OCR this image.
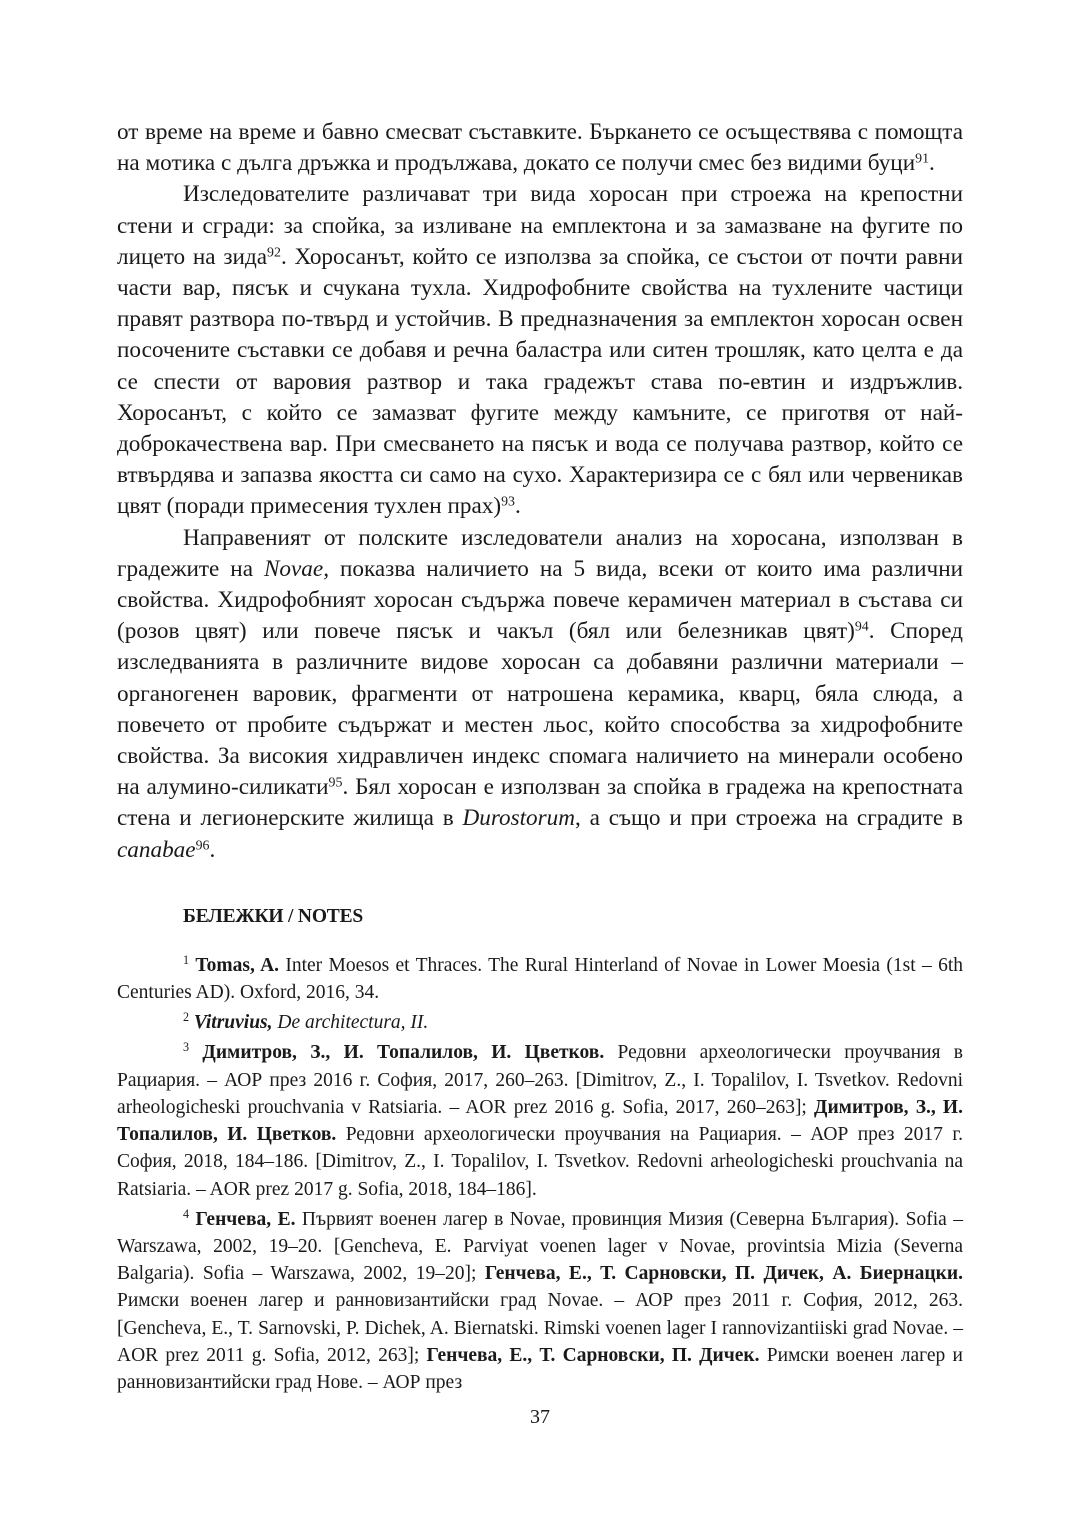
от време на време и бавно смесват съставките. Бъркането се осъществява с помощта на мотика с дълга дръжка и продължава, докато се получи смес без видими буци$^{91}$.

Изследователите различават три вида хоросан при строежа на крепостни стени и сгради: за спойка, за изливане на емплектона и за замазване на фугите по лицето на зида$^{92}$. Хоросанът, който се използва за спойка, се състои от почти равни части вар, пясък и счукана тухла. Хидрофобните свойства на тухлените частици правят разтвора по-твърд и устойчив. В предназначения за емплектон хоросан освен посочените съставки се добавя и речна баластра или ситен трошляк, като целта е да се спести от варовия разтвор и така градежът става по-евтин и издръжлив. Хоросанът, с който се замазват фугите между камъните, се приготвя от най-доброкачествена вар. При смесването на пясък и вода се получава разтвор, който се втвърдява и запазва якостта си само на сухо. Характеризира се с бял или червеникав цвят (поради примесения тухлен прах)$^{93}$.

Направеният от полските изследователи анализ на хоросана, използван в градежите на Novae, показва наличието на 5 вида, всеки от които има различни свойства. Хидрофобният хоросан съдържа повече керамичен материал в състава си (розов цвят) или повече пясък и чакъл (бял или белезникав цвят)$^{94}$. Според изследванията в различните видове хоросан са добавяни различни материали – органогенен варовик, фрагменти от натрошена керамика, кварц, бяла слюда, а повечето от пробите съдържат и местен льос, който способства за хидрофобните свойства. За високия хидравличен индекс спомага наличието на минерали особено на алумино-силикати$^{95}$. Бял хоросан е използван за спойка в градежа на крепостната стена и легионерските жилища в Durostorum, а също и при строежа на сградите в canabae$^{96}$.

БЕЛЕЖКИ / NOTES

$^1$ Tomas, A. Inter Moesos et Thraces. The Rural Hinterland of Novae in Lower Moesia (1st – 6th Centuries AD). Oxford, 2016, 34.

$^2$ Vitruvius, De architectura, II.

$^3$ Димитров, З., И. Топалилов, И. Цветков. Редовни археологически проучвания в Рациария. – АОР през 2016 г. София, 2017, 260–263. [Dimitrov, Z., I. Topalilov, I. Tsvetkov. Redovni arheologicheski prouchvania v Ratsiaria. – AOR prez 2016 g. Sofia, 2017, 260–263]; Димитров, З., И. Топалилов, И. Цветков. Редовни археологически проучвания на Рациария. – АОР през 2017 г. София, 2018, 184–186. [Dimitrov, Z., I. Topalilov, I. Tsvetkov. Redovni arheologicheski prouchvania na Ratsiaria. – AOR prez 2017 g. Sofia, 2018, 184–186].

$^4$ Генчева, Е. Първият военен лагер в Novae, провинция Мизия (Северна България). Sofia – Warszawa, 2002, 19–20. [Gencheva, E. Parviyat voenen lager v Novae, provintsia Mizia (Severna Balgaria). Sofia – Warszawa, 2002, 19–20]; Генчева, Е., Т. Сарновски, П. Дичек, А. Биернацки. Римски военен лагер и ранновизантийски град Novae. – АОР през 2011 г. София, 2012, 263. [Gencheva, E., T. Sarnovski, P. Dichek, A. Biernatski. Rimski voenen lager I rannovizantiiski grad Novae. – AOR prez 2011 g. Sofia, 2012, 263]; Генчева, Е., Т. Сарновски, П. Дичек. Римски военен лагер и ранновизантийски град Нове. – АОР през

37
